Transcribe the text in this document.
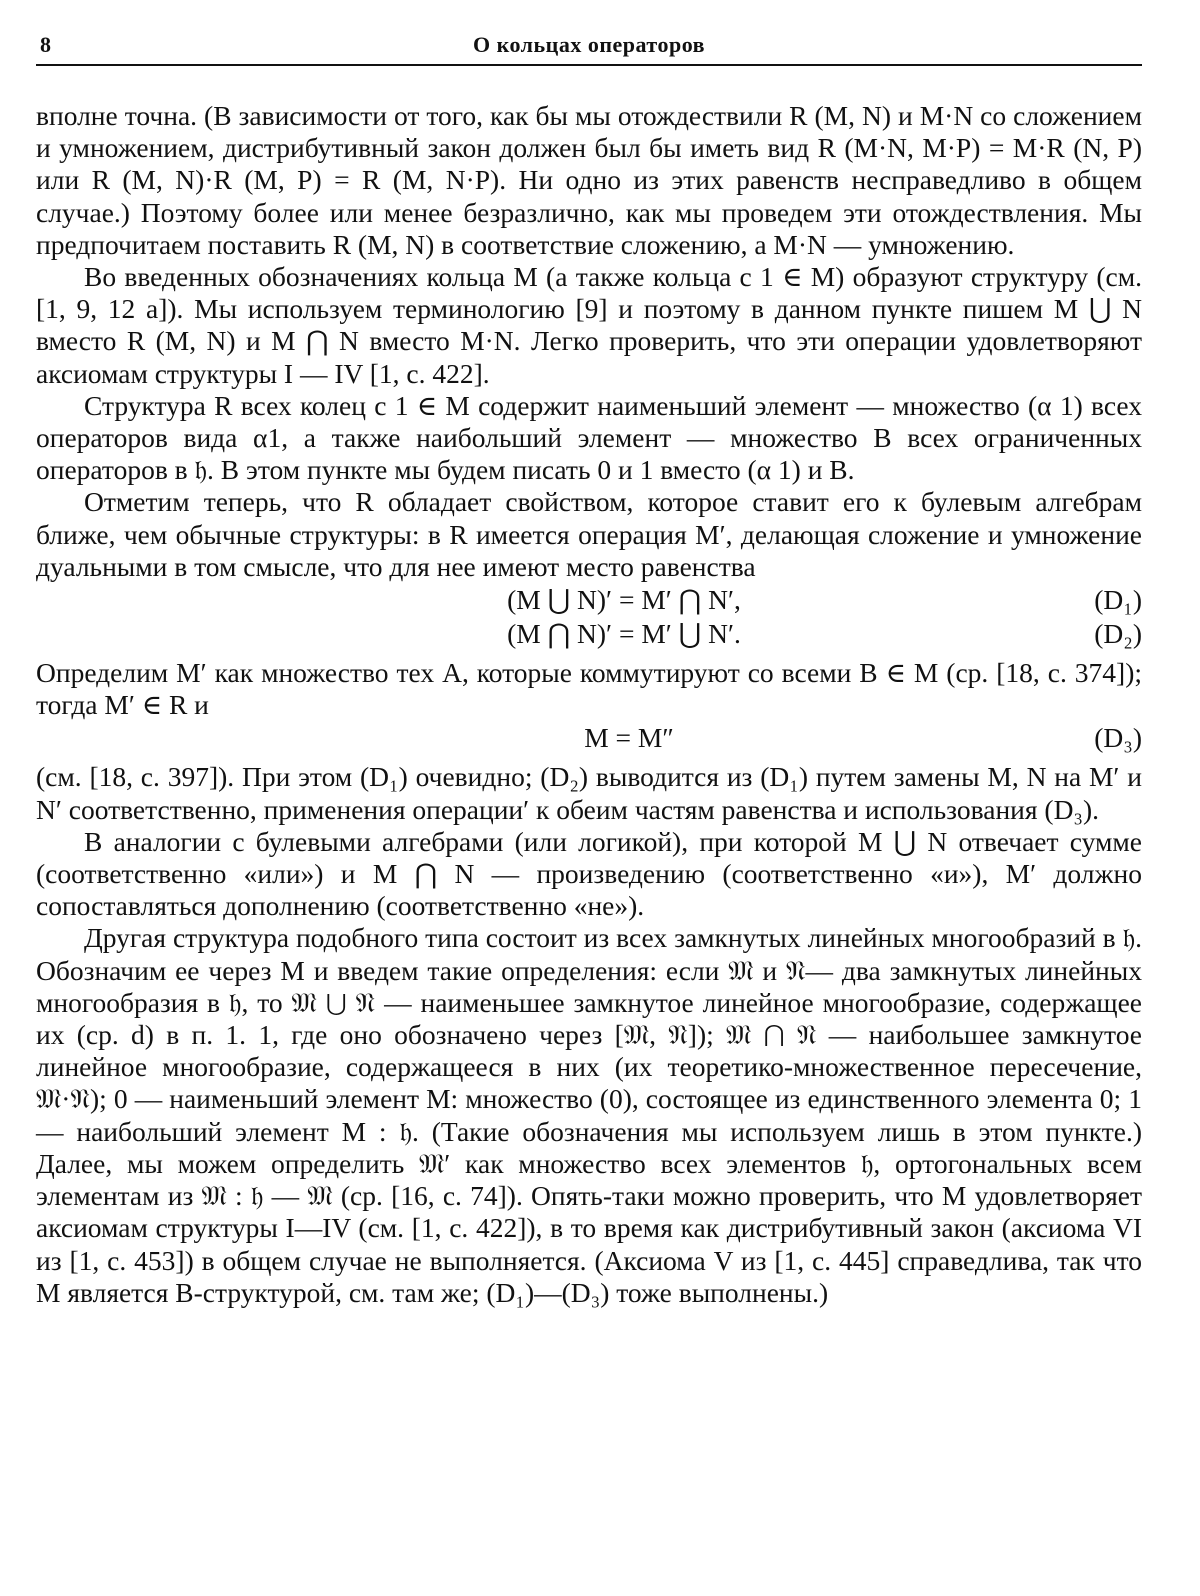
8	О кольцах операторов

вполне точна. (В зависимости от того, как бы мы отождествили R (M, N) и M·N со сложением и умножением, дистрибутивный закон должен был бы иметь вид R (M·N, M·P) = M·R (N, P) или R (M, N)·R (M, P) = R (M, N·P). Ни одно из этих равенств несправедливо в общем случае.) Поэтому более или менее безразлично, как мы проведем эти отождествления. Мы предпочитаем поставить R (M, N) в соответствие сложению, а M·N — умножению.

Во введенных обозначениях кольца M (а также кольца с 1 ∈ M) образуют структуру (см. [1, 9, 12 a]). Мы используем терминологию [9] и поэтому в данном пункте пишем M ⋃ N вместо R (M, N) и M ⋂ N вместо M·N. Легко проверить, что эти операции удовлетворяют аксиомам структуры I — IV [1, с. 422].

Структура R всех колец с 1 ∈ M содержит наименьший элемент — множество (α 1) всех операторов вида α1, а также наибольший элемент — множество B всех ограниченных операторов в 𝔥. В этом пункте мы будем писать 0 и 1 вместо (α 1) и B.

Отметим теперь, что R обладает свойством, которое ставит его к булевым алгебрам ближе, чем обычные структуры: в R имеется операция M′, делающая сложение и умножение дуальными в том смысле, что для нее имеют место равенства

(M ⋃ N)′ = M′ ⋂ N′,	(D₁)
(M ⋂ N)′ = M′ ⋃ N′.	(D₂)

Определим M′ как множество тех A, которые коммутируют со всеми B ∈ M (ср. [18, с. 374]); тогда M′ ∈ R и

M = M″	(D₃)

(см. [18, с. 397]). При этом (D₁) очевидно; (D₂) выводится из (D₁) путем замены M, N на M′ и N′ соответственно, применения операции′ к обеим частям равенства и использования (D₃).

В аналогии с булевыми алгебрами (или логикой), при которой M ⋃ N отвечает сумме (соответственно «или») и M ⋂ N — произведению (соответственно «и»), M′ должно сопоставляться дополнению (соответственно «не»).

Другая структура подобного типа состоит из всех замкнутых линейных многообразий в 𝔥. Обозначим ее через M и введем такие определения: если 𝔐 и 𝔑— два замкнутых линейных многообразия в 𝔥, то 𝔐 ⋃ 𝔑 — наименьшее замкнутое линейное многообразие, содержащее их (ср. d) в п. 1. 1, где оно обозначено через [𝔐, 𝔑]); 𝔐 ⋂ 𝔑 — наибольшее замкнутое линейное многообразие, содержащееся в них (их теоретико-множественное пересечение, 𝔐·𝔑); 0 — наименьший элемент M: множество (0), состоящее из единственного элемента 0; 1 — наибольший элемент M : 𝔥. (Такие обозначения мы используем лишь в этом пункте.) Далее, мы можем определить 𝔐′ как множество всех элементов 𝔥, ортогональных всем элементам из 𝔐 : 𝔥 — 𝔐 (ср. [16, с. 74]). Опять-таки можно проверить, что M удовлетворяет аксиомам структуры I—IV (см. [1, с. 422]), в то время как дистрибутивный закон (аксиома VI из [1, с. 453]) в общем случае не выполняется. (Аксиома V из [1, с. 445] справедлива, так что M является B-структурой, см. там же; (D₁)—(D₃) тоже выполнены.)
